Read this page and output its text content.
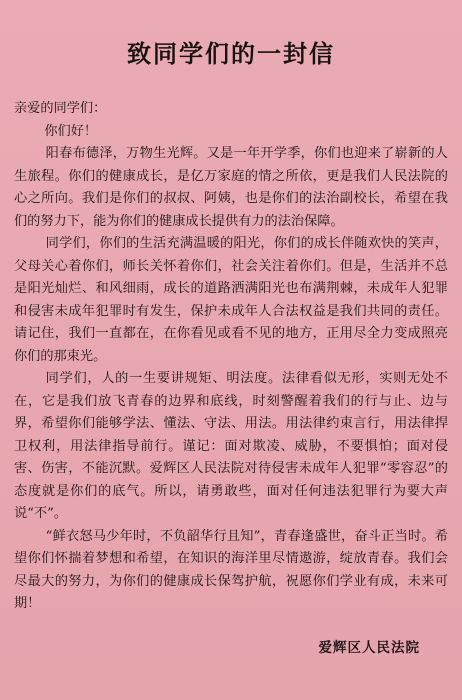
致同学们的一封信

亲爱的同学们：

你们好！

阳春布德泽，万物生光辉。又是一年开学季，你们也迎来了崭新的人生旅程。你们的健康成长，是亿万家庭的情之所依，更是我们人民法院的心之所向。我们是你们的叔叔、阿姨，也是你们的法治副校长，希望在我们的努力下，能为你们的健康成长提供有力的法治保障。

同学们，你们的生活充满温暖的阳光，你们的成长伴随欢快的笑声，父母关心着你们，师长关怀着你们，社会关注着你们。但是，生活并不总是阳光灿烂、和风细雨，成长的道路洒满阳光也布满荆棘，未成年人犯罪和侵害未成年犯罪时有发生，保护未成年人合法权益是我们共同的责任。请记住，我们一直都在，在你看见或看不见的地方，正用尽全力变成照亮你们的那束光。

同学们，人的一生要讲规矩、明法度。法律看似无形，实则无处不在，它是我们放飞青春的边界和底线，时刻警醒着我们的行与止、边与界，希望你们能够学法、懂法、守法、用法。用法律约束言行，用法律捍卫权利，用法律指导前行。谨记：面对欺凌、威胁，不要惧怕；面对侵害、伤害，不能沉默。爱辉区人民法院对待侵害未成年人犯罪“零容忍”的态度就是你们的底气。所以，请勇敢些，面对任何违法犯罪行为要大声说“不”。

“鲜衣怒马少年时，不负韶华行且知”，青春逢盛世，奋斗正当时。希望你们怀揣着梦想和希望，在知识的海洋里尽情遨游，绽放青春。我们会尽最大的努力，为你们的健康成长保驾护航，祝愿你们学业有成，未来可期！

爱辉区人民法院
